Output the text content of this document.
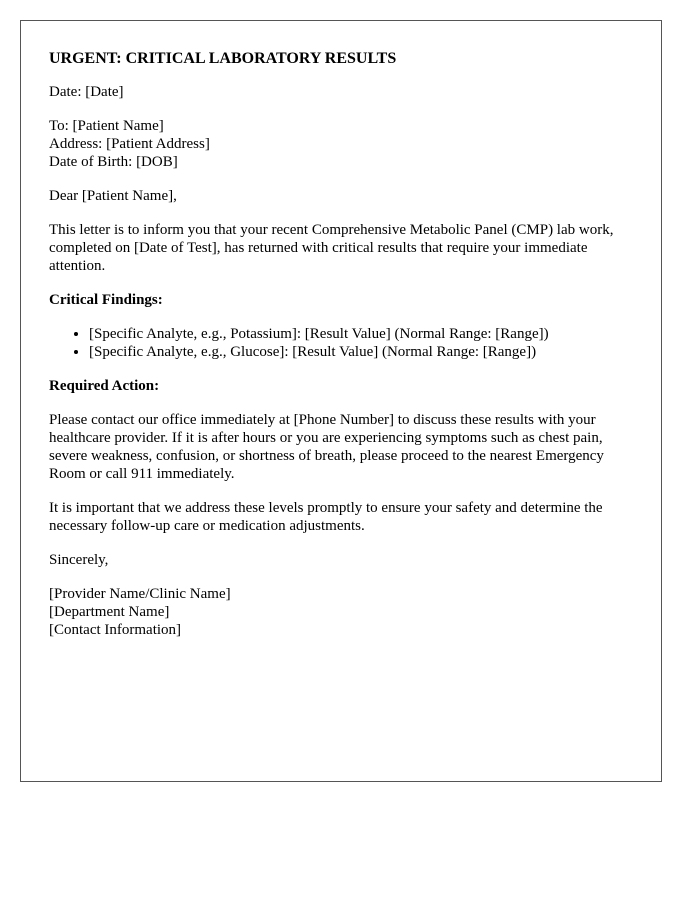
URGENT: CRITICAL LABORATORY RESULTS

Date: [Date]

To: [Patient Name]
Address: [Patient Address]
Date of Birth: [DOB]

Dear [Patient Name],

This letter is to inform you that your recent Comprehensive Metabolic Panel (CMP) lab work, completed on [Date of Test], has returned with critical results that require your immediate attention.

Critical Findings:
• [Specific Analyte, e.g., Potassium]: [Result Value] (Normal Range: [Range])
• [Specific Analyte, e.g., Glucose]: [Result Value] (Normal Range: [Range])
Required Action:

Please contact our office immediately at [Phone Number] to discuss these results with your healthcare provider. If it is after hours or you are experiencing symptoms such as chest pain, severe weakness, confusion, or shortness of breath, please proceed to the nearest Emergency Room or call 911 immediately.

It is important that we address these levels promptly to ensure your safety and determine the necessary follow-up care or medication adjustments.

Sincerely,

[Provider Name/Clinic Name]
[Department Name]
[Contact Information]
